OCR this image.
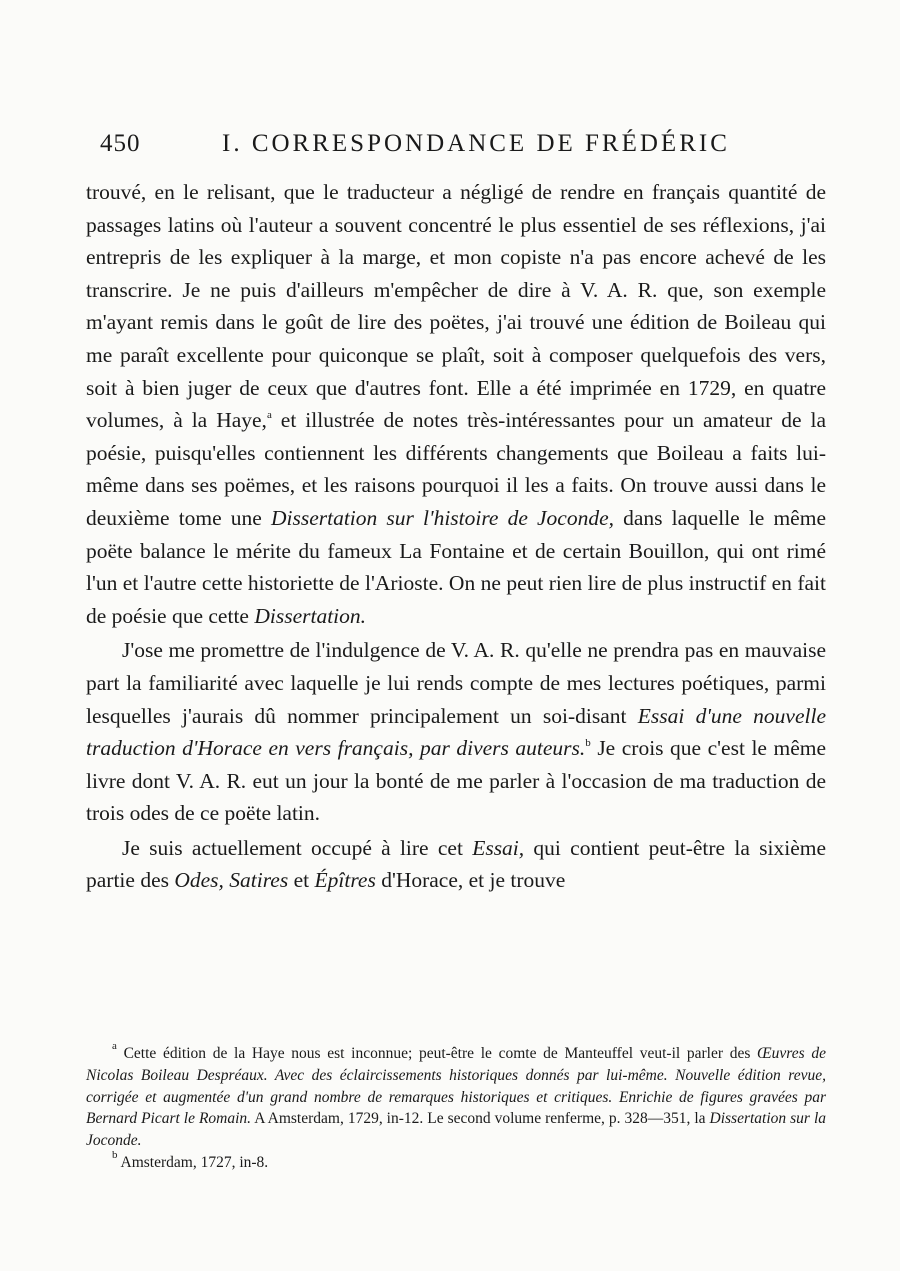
450	I. CORRESPONDANCE DE FRÉDÉRIC

trouvé, en le relisant, que le traducteur a négligé de rendre en français quantité de passages latins où l'auteur a souvent concentré le plus essentiel de ses réflexions, j'ai entrepris de les expliquer à la marge, et mon copiste n'a pas encore achevé de les transcrire. Je ne puis d'ailleurs m'empêcher de dire à V. A. R. que, son exemple m'ayant remis dans le goût de lire des poëtes, j'ai trouvé une édition de Boileau qui me paraît excellente pour quiconque se plaît, soit à composer quelquefois des vers, soit à bien juger de ceux que d'autres font. Elle a été imprimée en 1729, en quatre volumes, à la Haye,$^a$ et illustrée de notes très-intéressantes pour un amateur de la poésie, puisqu'elles contiennent les différents changements que Boileau a faits lui-même dans ses poëmes, et les raisons pourquoi il les a faits. On trouve aussi dans le deuxième tome une Dissertation sur l'histoire de Joconde, dans laquelle le même poëte balance le mérite du fameux La Fontaine et de certain Bouillon, qui ont rimé l'un et l'autre cette historiette de l'Arioste. On ne peut rien lire de plus instructif en fait de poésie que cette Dissertation.

J'ose me promettre de l'indulgence de V. A. R. qu'elle ne prendra pas en mauvaise part la familiarité avec laquelle je lui rends compte de mes lectures poétiques, parmi lesquelles j'aurais dû nommer principalement un soi-disant Essai d'une nouvelle traduction d'Horace en vers français, par divers auteurs.$^b$ Je crois que c'est le même livre dont V. A. R. eut un jour la bonté de me parler à l'occasion de ma traduction de trois odes de ce poëte latin.

Je suis actuellement occupé à lire cet Essai, qui contient peut-être la sixième partie des Odes, Satires et Épîtres d'Horace, et je trouve

$^a$ Cette édition de la Haye nous est inconnue; peut-être le comte de Manteuffel veut-il parler des Œuvres de Nicolas Boileau Despréaux. Avec des éclaircissements historiques donnés par lui-même. Nouvelle édition revue, corrigée et augmentée d'un grand nombre de remarques historiques et critiques. Enrichie de figures gravées par Bernard Picart le Romain. A Amsterdam, 1729, in-12. Le second volume renferme, p. 328—351, la Dissertation sur la Joconde.

$^b$ Amsterdam, 1727, in-8.
